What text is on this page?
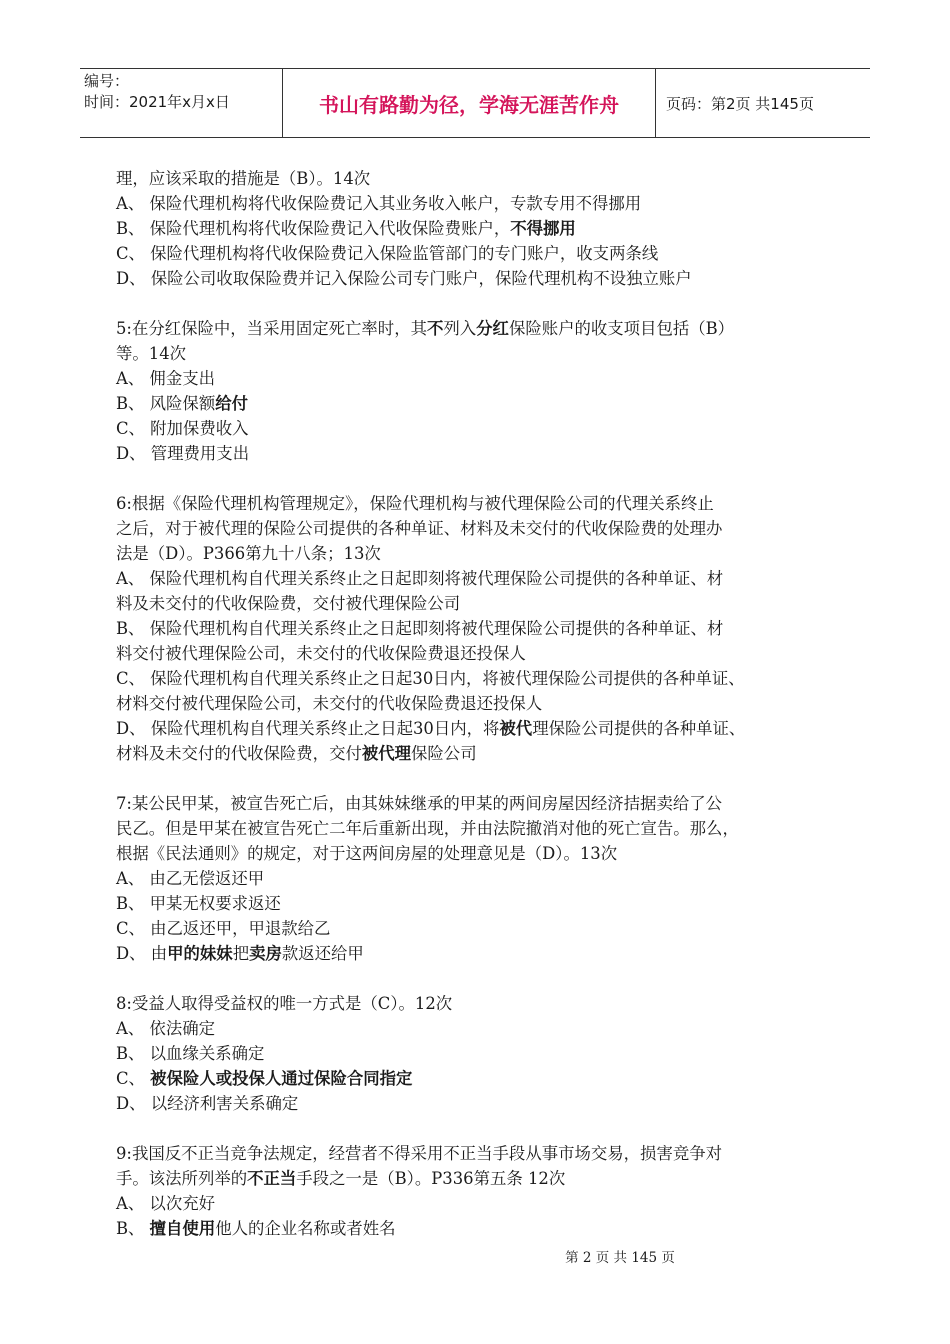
编号：
时间：2021年x月x日	书山有路勤为径，学海无涯苦作舟	页码：第2页 共145页
理，应该采取的措施是（B）。14次
A、 保险代理机构将代收保险费记入其业务收入帐户，专款专用不得挪用
B、 保险代理机构将代收保险费记入代收保险费账户，不得挪用
C、 保险代理机构将代收保险费记入保险监管部门的专门账户，收支两条线
D、 保险公司收取保险费并记入保险公司专门账户，保险代理机构不设独立账户
5:在分红保险中，当采用固定死亡率时，其不列入分红保险账户的收支项目包括（B）
等。14次
A、 佣金支出
B、 风险保额给付
C、 附加保费收入
D、 管理费用支出
6:根据《保险代理机构管理规定》，保险代理机构与被代理保险公司的代理关系终止
之后，对于被代理的保险公司提供的各种单证、材料及未交付的代收保险费的处理办
法是（D）。P366第九十八条；13次
A、 保险代理机构自代理关系终止之日起即刻将被代理保险公司提供的各种单证、材
料及未交付的代收保险费，交付被代理保险公司
B、 保险代理机构自代理关系终止之日起即刻将被代理保险公司提供的各种单证、材
料交付被代理保险公司，未交付的代收保险费退还投保人
C、 保险代理机构自代理关系终止之日起30日内，将被代理保险公司提供的各种单证、
材料交付被代理保险公司，未交付的代收保险费退还投保人
D、 保险代理机构自代理关系终止之日起30日内，将被代理保险公司提供的各种单证、
材料及未交付的代收保险费，交付被代理保险公司
7:某公民甲某，被宣告死亡后，由其妹妹继承的甲某的两间房屋因经济拮据卖给了公
民乙。但是甲某在被宣告死亡二年后重新出现，并由法院撤消对他的死亡宣告。那么，
根据《民法通则》的规定，对于这两间房屋的处理意见是（D）。13次
A、 由乙无偿返还甲
B、 甲某无权要求返还
C、 由乙返还甲，甲退款给乙
D、 由甲的妹妹把卖房款返还给甲
8:受益人取得受益权的唯一方式是（C）。12次
A、 依法确定
B、 以血缘关系确定
C、 被保险人或投保人通过保险合同指定
D、 以经济利害关系确定
9:我国反不正当竞争法规定，经营者不得采用不正当手段从事市场交易，损害竞争对
手。该法所列举的不正当手段之一是（B）。P336第五条 12次
A、 以次充好
B、 擅自使用他人的企业名称或者姓名
第 2 页 共 145 页
